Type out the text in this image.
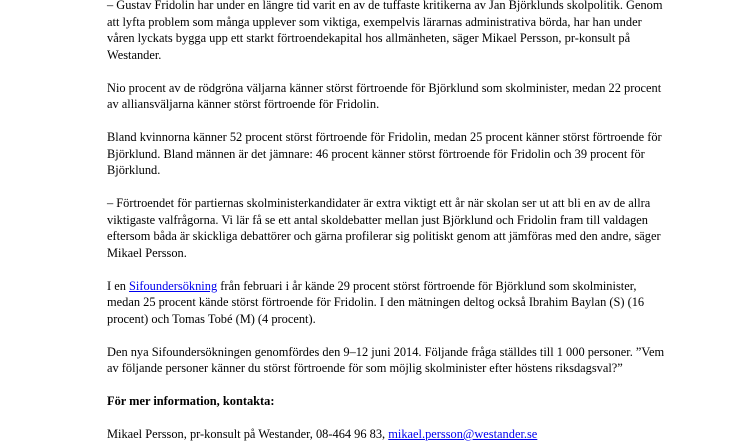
– Gustav Fridolin har under en längre tid varit en av de tuffaste kritikerna av Jan Björklunds skolpolitik. Genom att lyfta problem som många upplever som viktiga, exempelvis lärarnas administrativa börda, har han under våren lyckats bygga upp ett starkt förtroendekapital hos allmänheten, säger Mikael Persson, pr-konsult på Westander.

Nio procent av de rödgröna väljarna känner störst förtroende för Björklund som skolminister, medan 22 procent av alliansväljarna känner störst förtroende för Fridolin.

Bland kvinnorna känner 52 procent störst förtroende för Fridolin, medan 25 procent känner störst förtroende för Björklund. Bland männen är det jämnare: 46 procent känner störst förtroende för Fridolin och 39 procent för Björklund.

– Förtroendet för partiernas skolministerkandidater är extra viktigt ett år när skolan ser ut att bli en av de allra viktigaste valfrågorna. Vi lär få se ett antal skoldebatter mellan just Björklund och Fridolin fram till valdagen eftersom båda är skickliga debattörer och gärna profilerar sig politiskt genom att jämföras med den andre, säger Mikael Persson.

I en Sifoundersökning från februari i år kände 29 procent störst förtroende för Björklund som skolminister, medan 25 procent kände störst förtroende för Fridolin. I den mätningen deltog också Ibrahim Baylan (S) (16 procent) och Tomas Tobé (M) (4 procent).

Den nya Sifoundersökningen genomfördes den 9–12 juni 2014. Följande fråga ställdes till 1 000 personer. ”Vem av följande personer känner du störst förtroende för som möjlig skolminister efter höstens riksdagsval?”

För mer information, kontakta:

Mikael Persson, pr-konsult på Westander, 08-464 96 83, mikael.persson@westander.se
